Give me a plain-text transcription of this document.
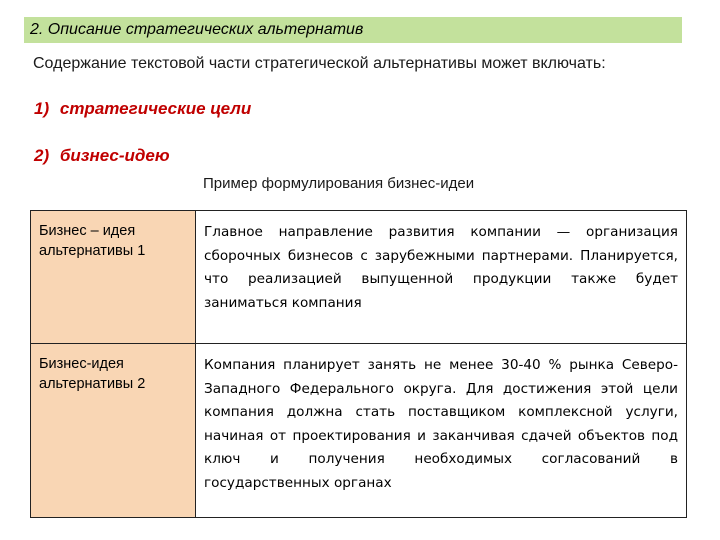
2. Описание стратегических альтернатив
Содержание текстовой части стратегической альтернативы может включать:
1) стратегические цели
2) бизнес-идею
Пример формулирования бизнес-идеи
Бизнес – идея
альтернативы 1	Главное направление развития компании — организация сборочных бизнесов с зарубежными партнерами. Планируется, что реализацией выпущенной продукции также будет заниматься компания

Бизнес-идея
альтернативы 2	Компания планирует занять не менее 30-40 % рынка Северо-Западного Федерального округа. Для достижения этой цели компания должна стать поставщиком комплексной услуги, начиная от проектирования и заканчивая сдачей объектов под ключ и получения необходимых согласований в государственных органах
